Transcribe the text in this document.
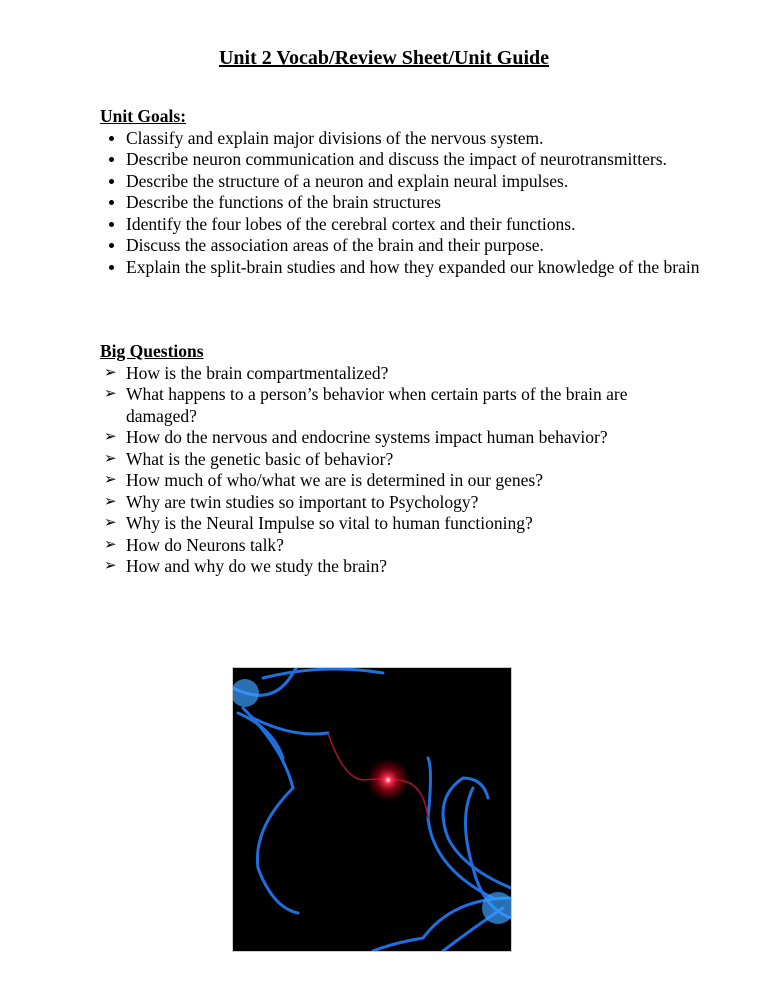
Unit 2 Vocab/Review Sheet/Unit Guide
Unit Goals:
Classify and explain major divisions of the nervous system.
Describe neuron communication and discuss the impact of neurotransmitters.
Describe the structure of a neuron and explain neural impulses.
Describe the functions of the brain structures
Identify the four lobes of the cerebral cortex and their functions.
Discuss the association areas of the brain and their purpose.
Explain the split-brain studies and how they expanded our knowledge of the brain
Big Questions
➢ How is the brain compartmentalized?
➢ What happens to a person’s behavior when certain parts of the brain are damaged?
➢ How do the nervous and endocrine systems impact human behavior?
➢ What is the genetic basic of behavior?
➢ How much of who/what we are is determined in our genes?
➢ Why are twin studies so important to Psychology?
➢ Why is the Neural Impulse so vital to human functioning?
➢ How do Neurons talk?
➢ How and why do we study the brain?
